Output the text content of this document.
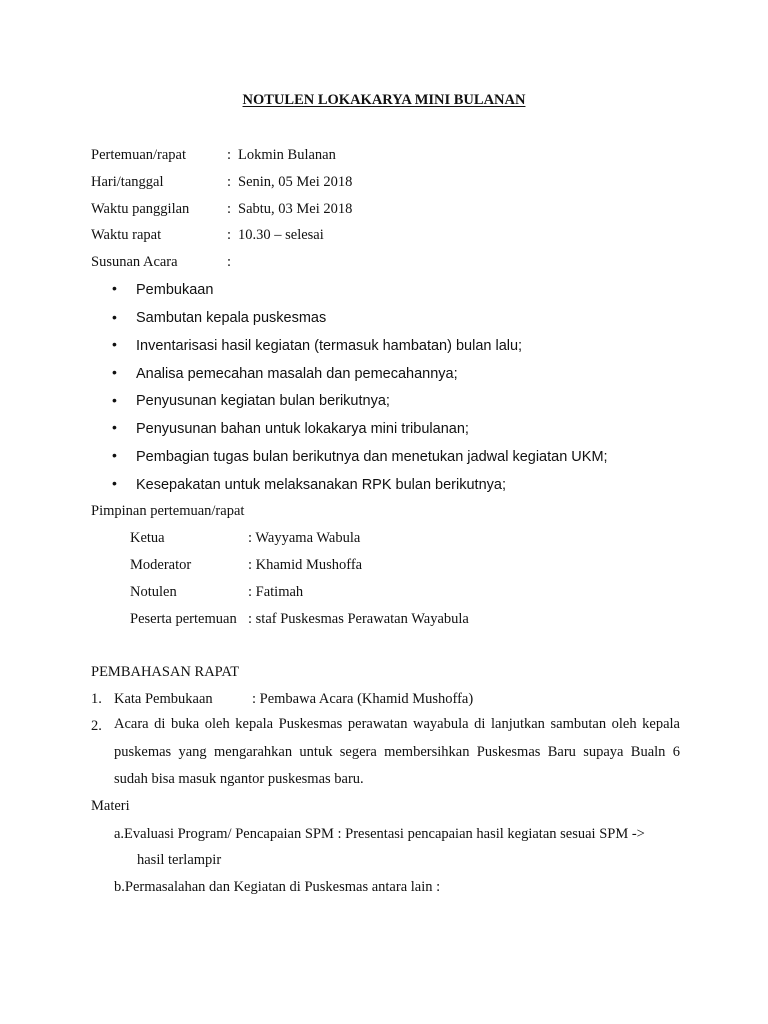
NOTULEN LOKAKARYA MINI BULANAN
Pertemuan/rapat	: Lokmin Bulanan
Hari/tanggal	: Senin, 05 Mei 2018
Waktu panggilan	: Sabtu, 03 Mei 2018
Waktu rapat	: 10.30 – selesai
Susunan Acara	:
• Pembukaan
• Sambutan kepala puskesmas
• Inventarisasi hasil kegiatan (termasuk hambatan) bulan lalu;
• Analisa pemecahan masalah dan pemecahannya;
• Penyusunan kegiatan bulan berikutnya;
• Penyusunan bahan untuk lokakarya mini tribulanan;
• Pembagian tugas bulan berikutnya dan menetukan jadwal kegiatan UKM;
• Kesepakatan untuk melaksanakan RPK bulan berikutnya;
Pimpinan pertemuan/rapat
Ketua	: Wayyama Wabula
Moderator	: Khamid Mushoffa
Notulen	: Fatimah
Peserta pertemuan : staf Puskesmas Perawatan Wayabula
PEMBAHASAN RAPAT
1. Kata Pembukaan	: Pembawa Acara (Khamid Mushoffa)
2. Acara di buka oleh kepala Puskesmas perawatan wayabula di lanjutkan sambutan oleh kepala puskemas yang mengarahkan untuk segera membersihkan Puskesmas Baru supaya Bualn 6 sudah bisa masuk ngantor puskesmas baru.
Materi
a.Evaluasi Program/ Pencapaian SPM : Presentasi pencapaian hasil kegiatan sesuai SPM ->
hasil terlampir
b.Permasalahan dan Kegiatan di Puskesmas antara lain :
